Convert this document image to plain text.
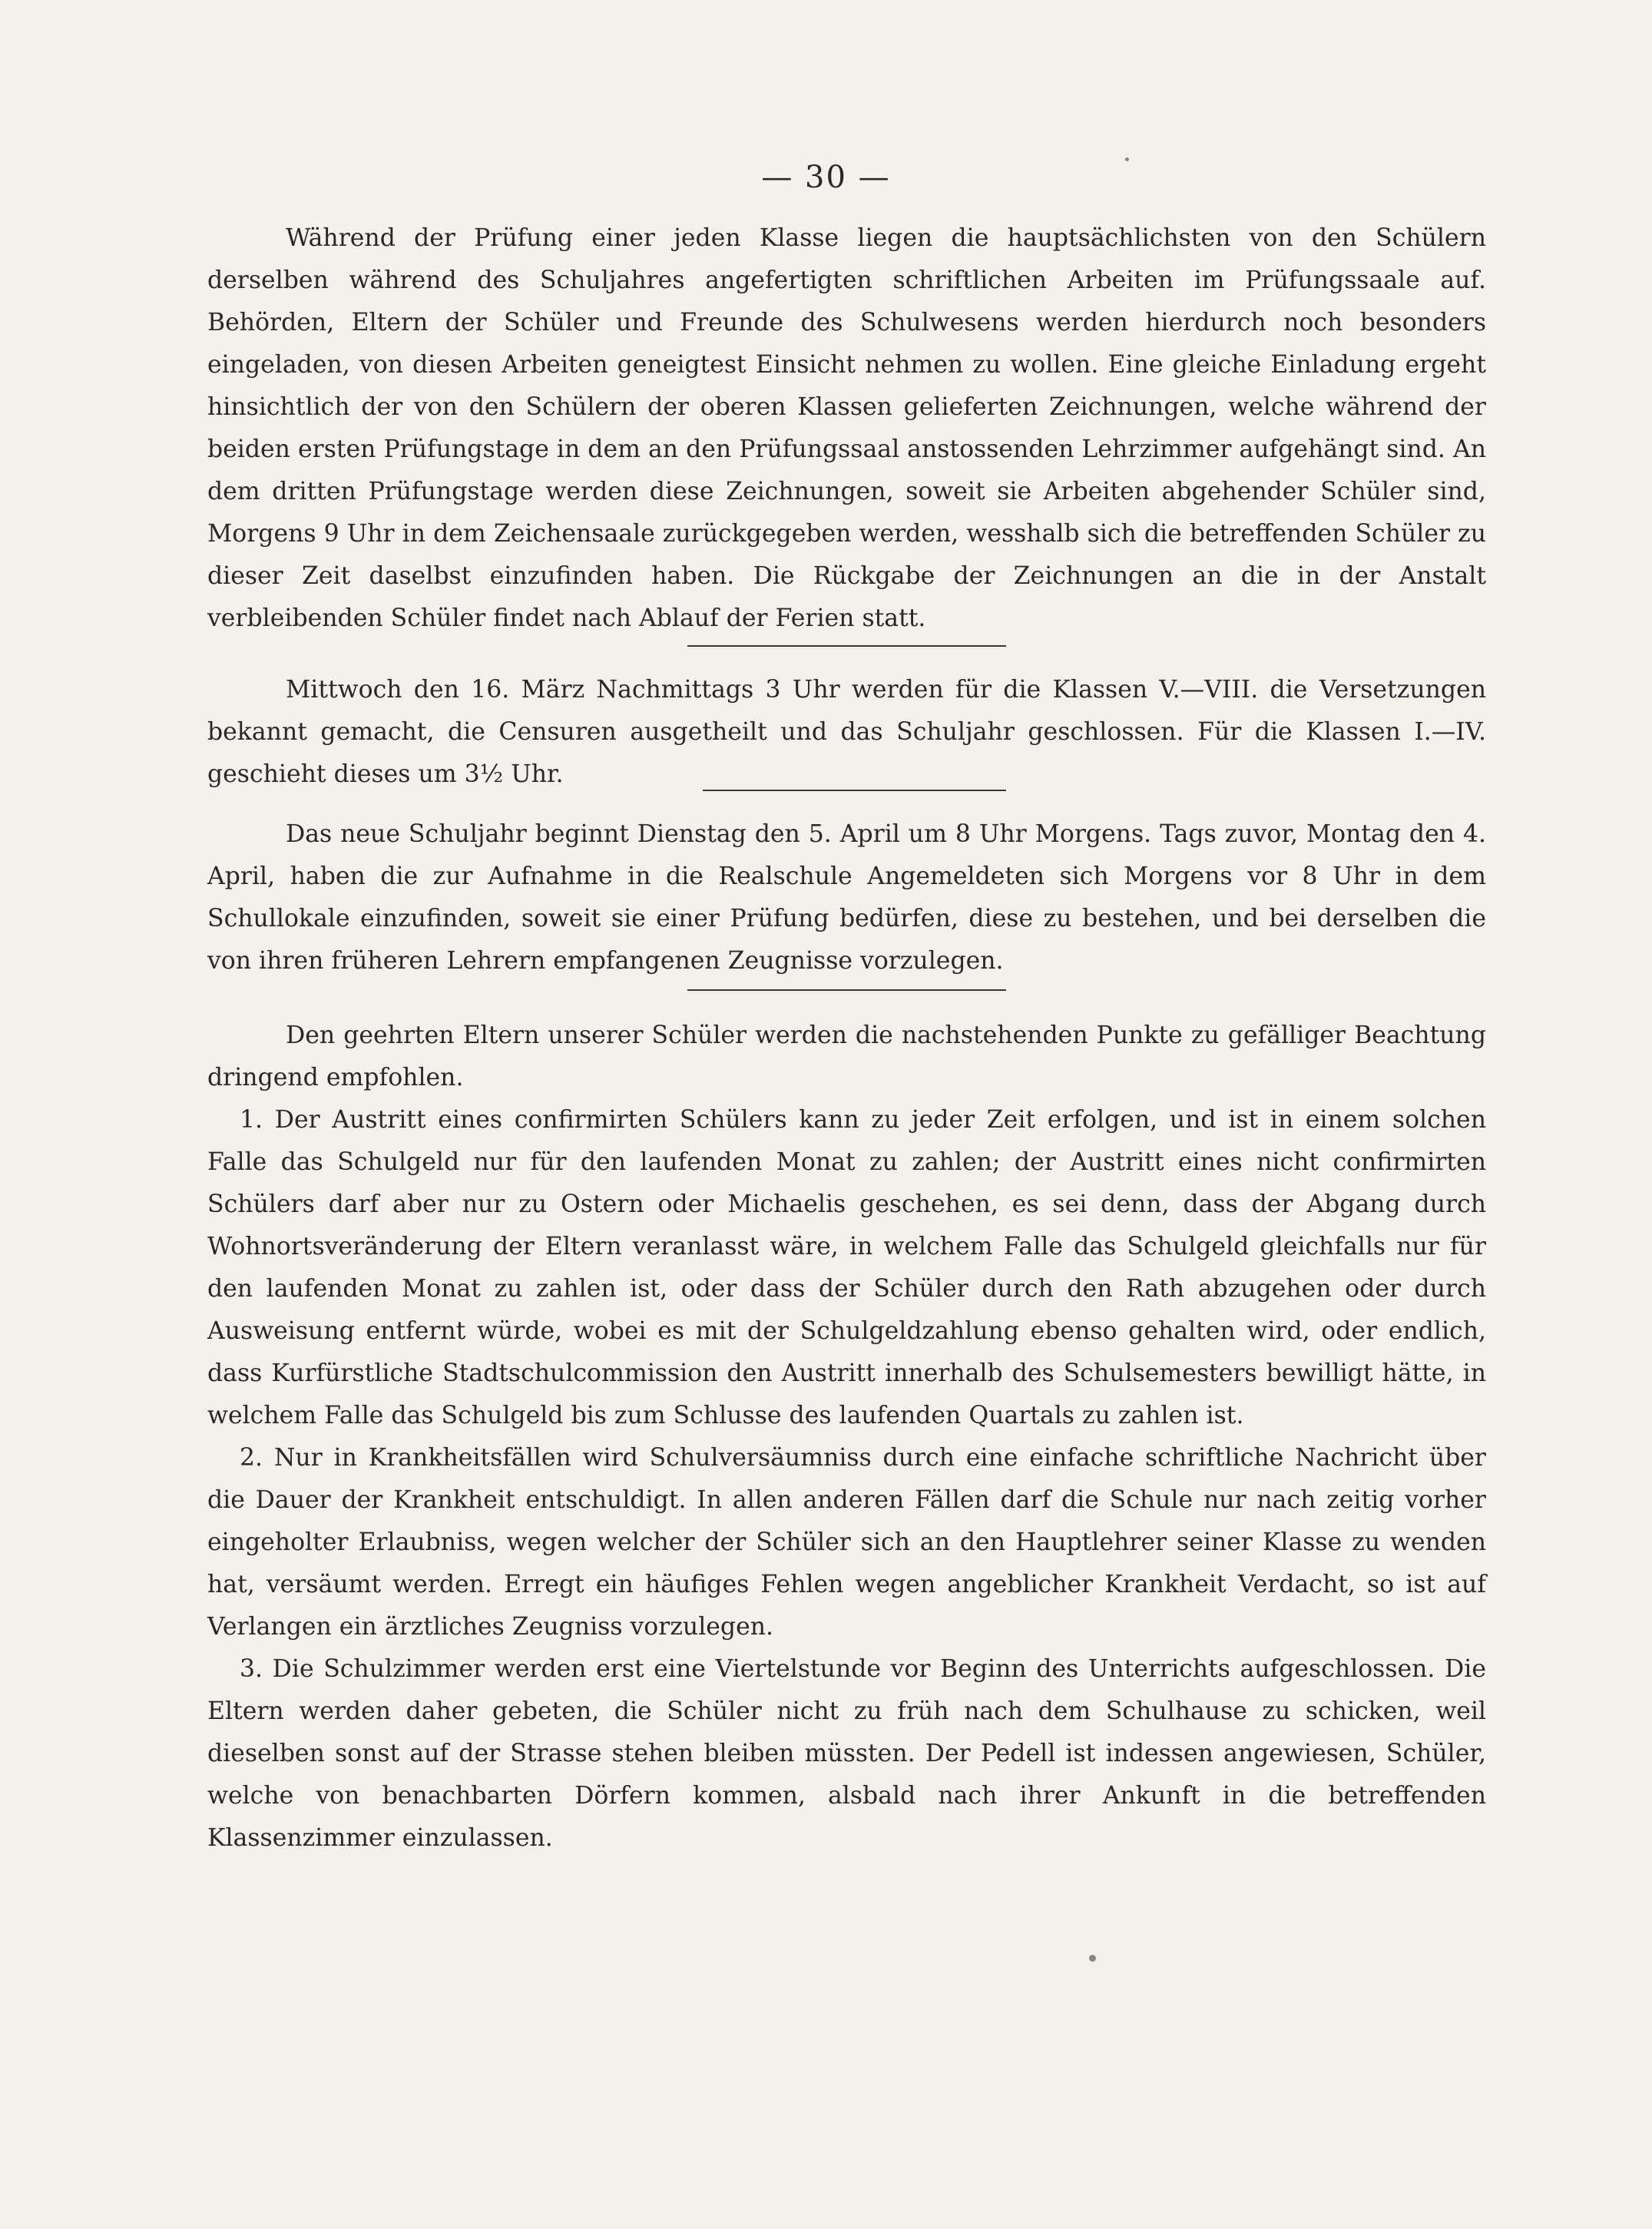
— 30 —

Während der Prüfung einer jeden Klasse liegen die hauptsächlichsten von den Schülern derselben während des Schuljahres angefertigten schriftlichen Arbeiten im Prüfungssaale auf. Behörden, Eltern der Schüler und Freunde des Schulwesens werden hierdurch noch besonders eingeladen, von diesen Arbeiten geneigtest Einsicht nehmen zu wollen. Eine gleiche Einladung ergeht hinsichtlich der von den Schülern der oberen Klassen gelieferten Zeichnungen, welche während der beiden ersten Prüfungstage in dem an den Prüfungssaal anstossenden Lehrzimmer aufgehängt sind. An dem dritten Prüfungstage werden diese Zeichnungen, soweit sie Arbeiten abgehender Schüler sind, Morgens 9 Uhr in dem Zeichensaale zurückgegeben werden, wesshalb sich die betreffenden Schüler zu dieser Zeit daselbst einzufinden haben. Die Rückgabe der Zeichnungen an die in der Anstalt verbleibenden Schüler findet nach Ablauf der Ferien statt.

Mittwoch den 16. März Nachmittags 3 Uhr werden für die Klassen V.—VIII. die Versetzungen bekannt gemacht, die Censuren ausgetheilt und das Schuljahr geschlossen. Für die Klassen I.—IV. geschieht dieses um 3½ Uhr.

Das neue Schuljahr beginnt Dienstag den 5. April um 8 Uhr Morgens. Tags zuvor, Montag den 4. April, haben die zur Aufnahme in die Realschule Angemeldeten sich Morgens vor 8 Uhr in dem Schullokale einzufinden, soweit sie einer Prüfung bedürfen, diese zu bestehen, und bei derselben die von ihren früheren Lehrern empfangenen Zeugnisse vorzulegen.

Den geehrten Eltern unserer Schüler werden die nachstehenden Punkte zu gefälliger Beachtung dringend empfohlen.

1. Der Austritt eines confirmirten Schülers kann zu jeder Zeit erfolgen, und ist in einem solchen Falle das Schulgeld nur für den laufenden Monat zu zahlen; der Austritt eines nicht confirmirten Schülers darf aber nur zu Ostern oder Michaelis geschehen, es sei denn, dass der Abgang durch Wohnortsveränderung der Eltern veranlasst wäre, in welchem Falle das Schulgeld gleichfalls nur für den laufenden Monat zu zahlen ist, oder dass der Schüler durch den Rath abzugehen oder durch Ausweisung entfernt würde, wobei es mit der Schulgeldzahlung ebenso gehalten wird, oder endlich, dass Kurfürstliche Stadtschulcommission den Austritt innerhalb des Schulsemesters bewilligt hätte, in welchem Falle das Schulgeld bis zum Schlusse des laufenden Quartals zu zahlen ist.

2. Nur in Krankheitsfällen wird Schulversäumniss durch eine einfache schriftliche Nachricht über die Dauer der Krankheit entschuldigt. In allen anderen Fällen darf die Schule nur nach zeitig vorher eingeholter Erlaubniss, wegen welcher der Schüler sich an den Hauptlehrer seiner Klasse zu wenden hat, versäumt werden. Erregt ein häufiges Fehlen wegen angeblicher Krankheit Verdacht, so ist auf Verlangen ein ärztliches Zeugniss vorzulegen.

3. Die Schulzimmer werden erst eine Viertelstunde vor Beginn des Unterrichts aufgeschlossen. Die Eltern werden daher gebeten, die Schüler nicht zu früh nach dem Schulhause zu schicken, weil dieselben sonst auf der Strasse stehen bleiben müssten. Der Pedell ist indessen angewiesen, Schüler, welche von benachbarten Dörfern kommen, alsbald nach ihrer Ankunft in die betreffenden Klassenzimmer einzulassen.
